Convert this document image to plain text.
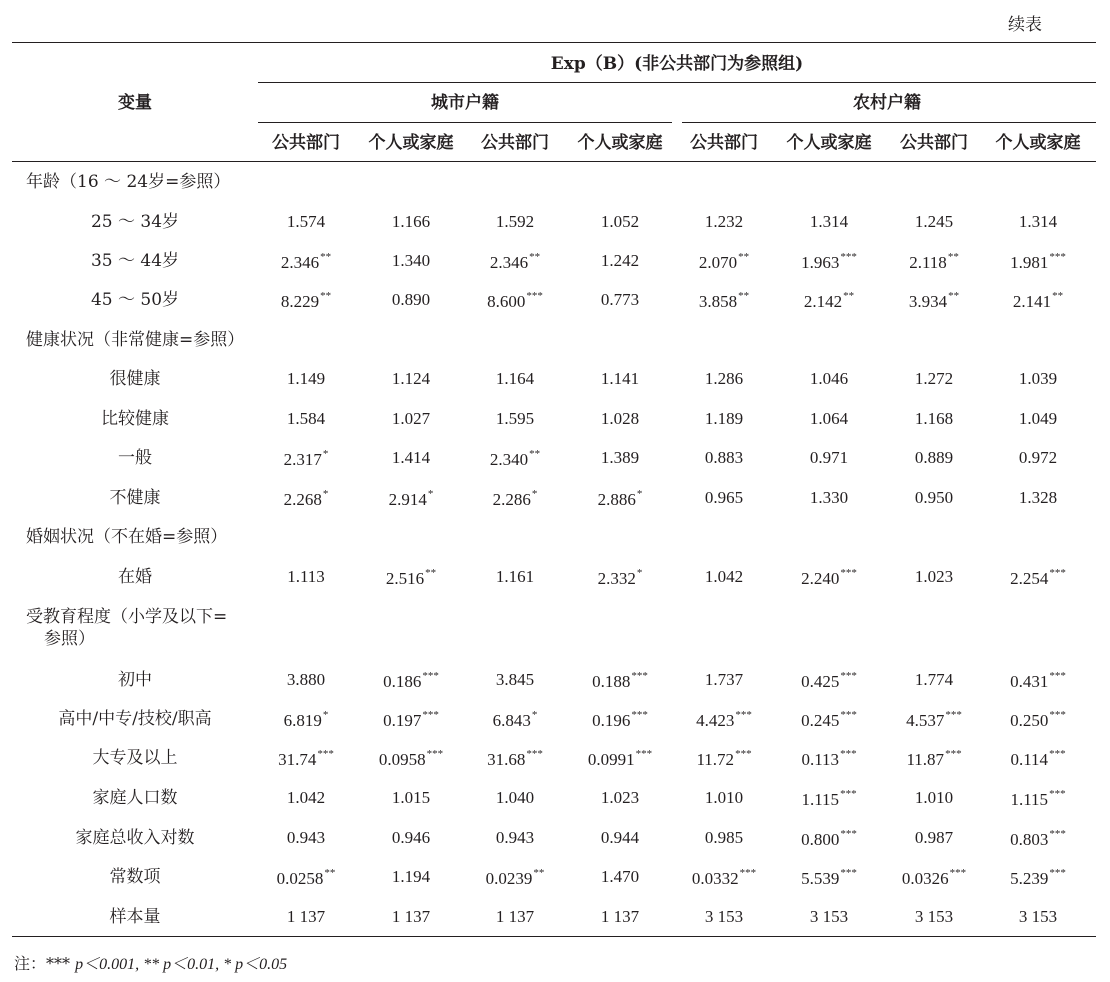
续表
变量
Exp（B）(非公共部门为参照组)
城市户籍	农村户籍
公共部门 个人或家庭 公共部门 个人或家庭 公共部门 个人或家庭 公共部门 个人或家庭
年龄（16 ～ 24岁=参照）
25 ～ 34岁	1.574	1.166	1.592	1.052	1.232	1.314	1.245	1.314
35 ～ 44岁	2.346**	1.340	2.346**	1.242	2.070**	1.963***	2.118**	1.981***
45 ～ 50岁	8.229**	0.890	8.600***	0.773	3.858**	2.142**	3.934**	2.141**
健康状况（非常健康=参照）
很健康	1.149	1.124	1.164	1.141	1.286	1.046	1.272	1.039
比较健康	1.584	1.027	1.595	1.028	1.189	1.064	1.168	1.049
一般	2.317*	1.414	2.340**	1.389	0.883	0.971	0.889	0.972
不健康	2.268*	2.914*	2.286*	2.886*	0.965	1.330	0.950	1.328
婚姻状况（不在婚=参照）
在婚	1.113	2.516**	1.161	2.332*	1.042	2.240***	1.023	2.254***
受教育程度（小学及以下=
参照）
初中	3.880	0.186***	3.845	0.188***	1.737	0.425***	1.774	0.431***
高中/中专/技校/职高	6.819*	0.197***	6.843*	0.196***	4.423***	0.245***	4.537***	0.250***
大专及以上	31.74***	0.0958***	31.68***	0.0991***	11.72***	0.113***	11.87***	0.114***
家庭人口数	1.042	1.015	1.040	1.023	1.010	1.115***	1.010	1.115***
家庭总收入对数	0.943	0.946	0.943	0.944	0.985	0.800***	0.987	0.803***
常数项	0.0258**	1.194	0.0239**	1.470	0.0332***	5.539***	0.0326***	5.239***
样本量	1 137	1 137	1 137	1 137	3 153	3 153	3 153	3 153
注：*** p＜0.001, ** p＜0.01, * p＜0.05
